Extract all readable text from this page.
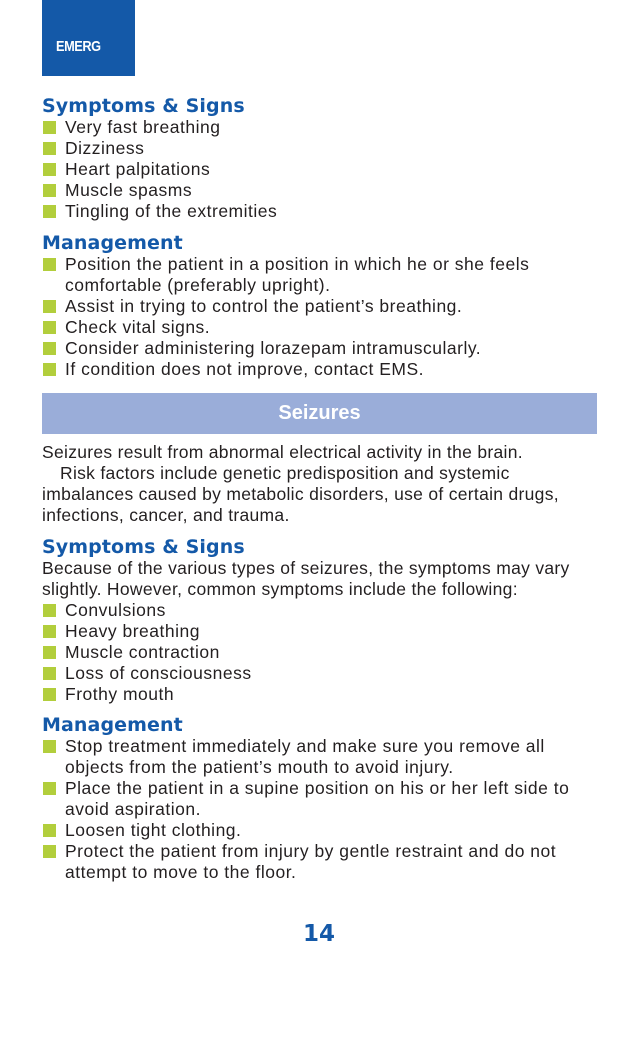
EMERG
Symptoms & Signs
Very fast breathing
Dizziness
Heart palpitations
Muscle spasms
Tingling of the extremities
Management
Position the patient in a position in which he or she feels comfortable (preferably upright).
Assist in trying to control the patient’s breathing.
Check vital signs.
Consider administering lorazepam intramuscularly.
If condition does not improve, contact EMS.
Seizures

Seizures result from abnormal electrical activity in the brain.

Risk factors include genetic predisposition and systemic imbalances caused by metabolic disorders, use of certain drugs, infections, cancer, and trauma.

Symptoms & Signs

Because of the various types of seizures, the symptoms may vary slightly. However, common symptoms include the following:

Convulsions
Heavy breathing
Muscle contraction
Loss of consciousness
Frothy mouth
Management
Stop treatment immediately and make sure you remove all objects from the patient’s mouth to avoid injury.
Place the patient in a supine position on his or her left side to avoid aspiration.
Loosen tight clothing.
Protect the patient from injury by gentle restraint and do not attempt to move to the floor.
14
